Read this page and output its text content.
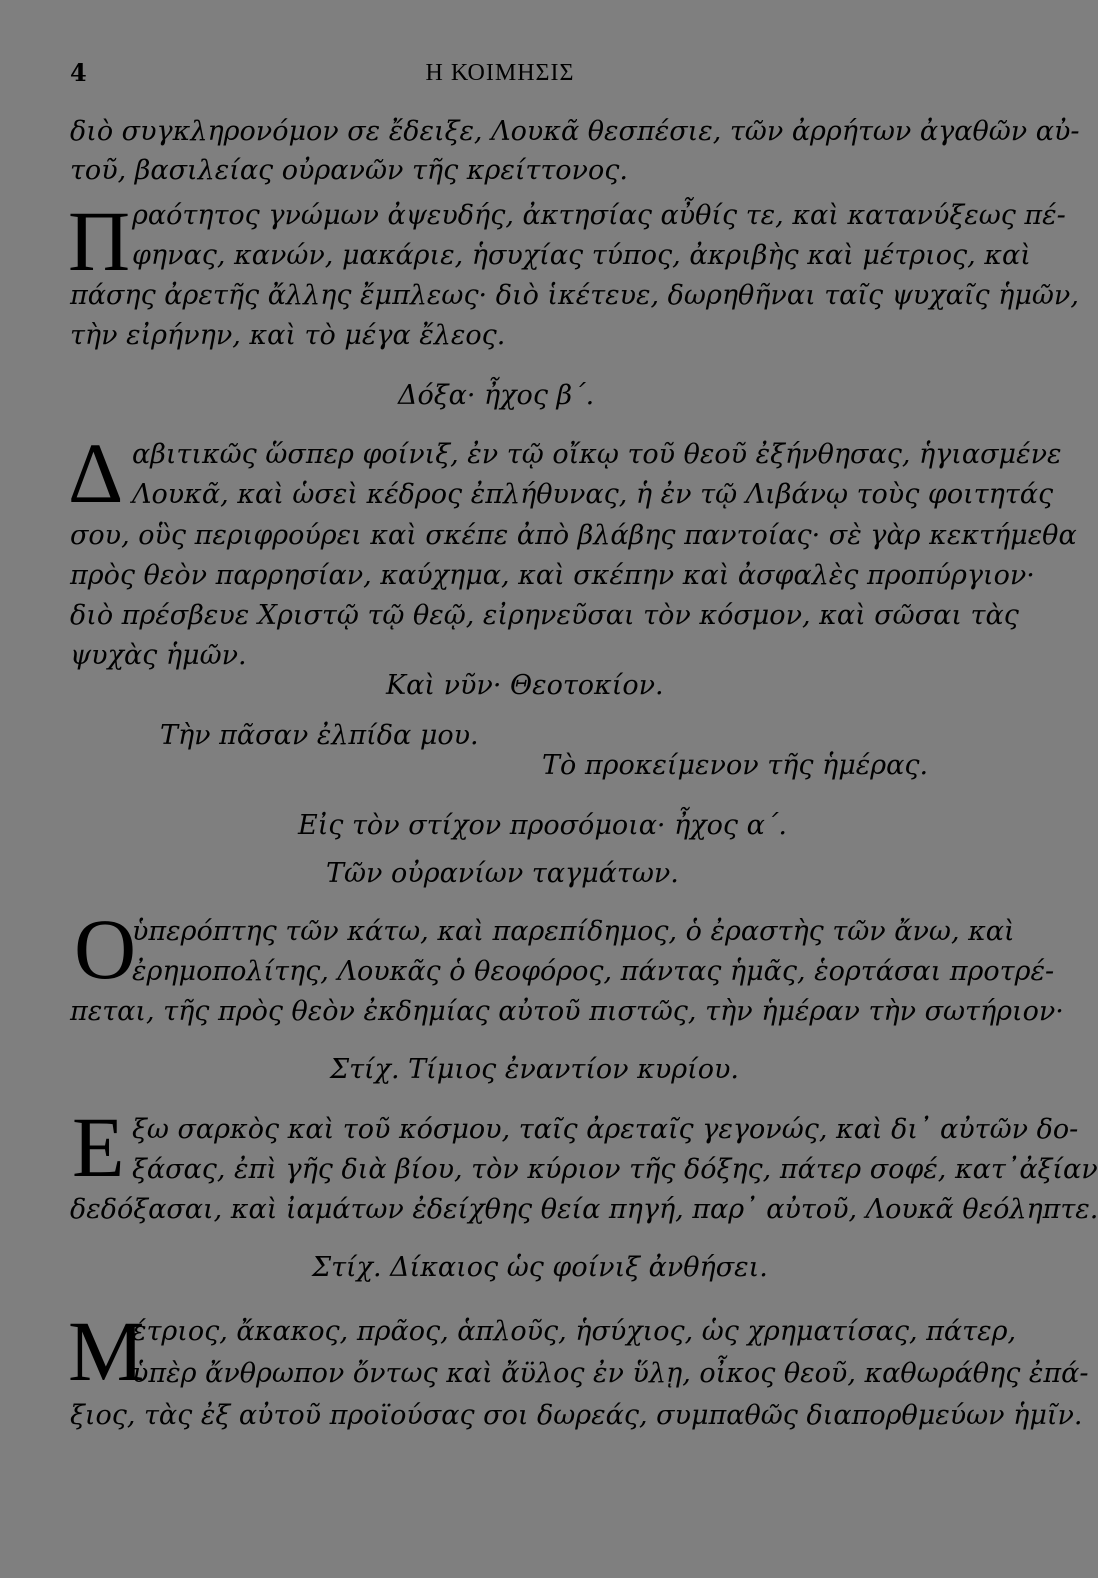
4	Η ΚΟΙΜΗΣΙΣ
διὸ συγκληρονόμον σε ἔδειξε, Λουκᾶ θεσπέσιε, τῶν ἀρρήτων ἀγαθῶν αὐ-
τοῦ, βασιλείας οὐρανῶν τῆς κρείττονος.
Π ραότητος γνώμων ἀψευδής, ἀκτησίας αὖθίς τε, καὶ κατανύξεως πέ-
φηνας, κανών, μακάριε, ἡσυχίας τύπος, ἀκριβὴς καὶ μέτριος, καὶ
πάσης ἀρετῆς ἄλλης ἔμπλεως· διὸ ἱκέτευε, δωρηθῆναι ταῖς ψυχαῖς ἡμῶν,
τὴν εἰρήνην, καὶ τὸ μέγα ἔλεος.
Δόξα· ἦχος β΄.
Δ αβιτικῶς ὥσπερ φοίνιξ, ἐν τῷ οἴκῳ τοῦ θεοῦ ἐξήνθησας, ἡγιασμένε
Λουκᾶ, καὶ ὡσεὶ κέδρος ἐπλήθυνας, ἡ ἐν τῷ Λιβάνῳ τοὺς φοιτητάς
σου, οὓς περιφρούρει καὶ σκέπε ἀπὸ βλάβης παντοίας· σὲ γὰρ κεκτήμεθα
πρὸς θεὸν παρρησίαν, καύχημα, καὶ σκέπην καὶ ἀσφαλὲς προπύργιον·
διὸ πρέσβευε Χριστῷ τῷ θεῷ, εἰρηνεῦσαι τὸν κόσμον, καὶ σῶσαι τὰς
ψυχὰς ἡμῶν.
Καὶ νῦν· Θεοτοκίον.
Τὴν πᾶσαν ἐλπίδα μου.
Τὸ προκείμενον τῆς ἡμέρας.
Εἰς τὸν στίχον προσόμοια· ἦχος α΄.
Τῶν οὐρανίων ταγμάτων.
Ο
ὑπερόπτης τῶν κάτω, καὶ παρεπίδημος, ὁ ἐραστὴς τῶν ἄνω, καὶ
ἐρημοπολίτης, Λουκᾶς ὁ θεοφόρος, πάντας ἡμᾶς, ἑορτάσαι προτρέ-
πεται, τῆς πρὸς θεὸν ἐκδημίας αὐτοῦ πιστῶς, τὴν ἡμέραν τὴν σωτήριον·
Στίχ. Τίμιος ἐναντίον κυρίου.
Ε ξω σαρκὸς καὶ τοῦ κόσμου, ταῖς ἀρεταῖς γεγονώς, καὶ δι᾽ αὐτῶν δο-
ξάσας, ἐπὶ γῆς διὰ βίου, τὸν κύριον τῆς δόξης, πάτερ σοφέ, κατ᾽ἀξίαν
δεδόξασαι, καὶ ἰαμάτων ἐδείχθης θεία πηγή, παρ᾽ αὐτοῦ, Λουκᾶ θεόληπτε.
Στίχ. Δίκαιος ὡς φοίνιξ ἀνθήσει.
Μ
έτριος, ἄκακος, πρᾶος, ἁπλοῦς, ἡσύχιος, ὡς χρηματίσας, πάτερ,
ὑπὲρ ἄνθρωπον ὄντως καὶ ἄϋλος ἐν ὕλῃ, οἶκος θεοῦ, καθωράθης ἐπά-
ξιος, τὰς ἐξ αὐτοῦ προϊούσας σοι δωρεάς, συμπαθῶς διαπορθμεύων ἡμῖν.
